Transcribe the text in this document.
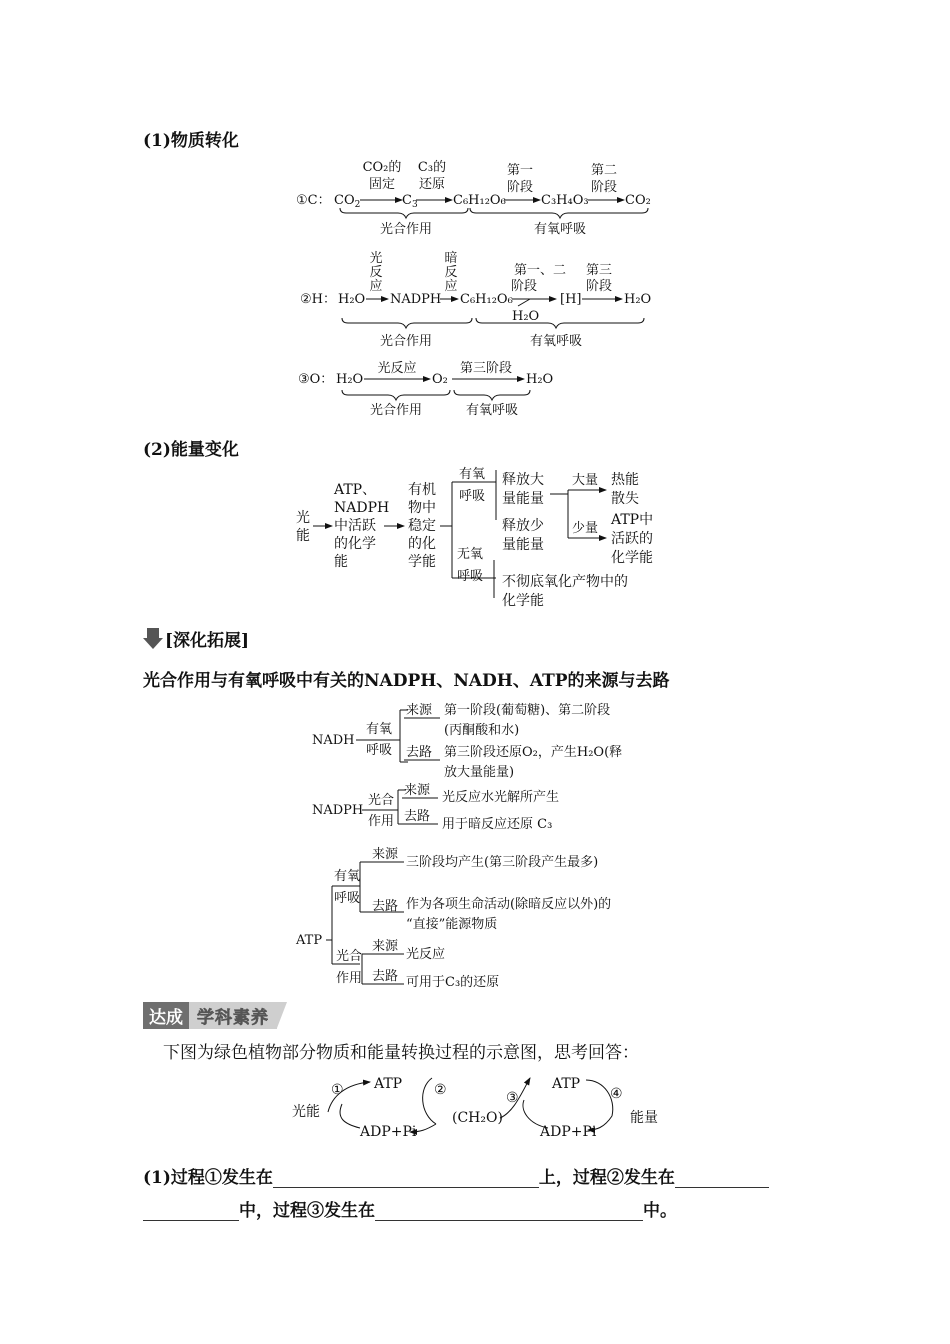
(1)物质转化
①C： $CO_2$
CO₂的
固定
$C_3$
C₃的
还原
C₆H₁₂O₆
第一
阶段
C₃H₄O₃
第二
阶段
CO₂
光合作用	有氧呼吸
②H： H₂O
光
反
应
NADPH
暗
反
应
C₆H₁₂O₆
第一、二
阶段
H₂O
[H]
第三
阶段
H₂O
光合作用	有氧呼吸
③O： H₂O
光反应
O₂
第三阶段
H₂O
光合作用	有氧呼吸
(2)能量变化
光
能
ATP、
NADPH
中活跃
的化学
能
有机
物中
稳定
的化
学能
有氧
呼吸
无氧
呼吸
释放大
量能量
释放少
量能量
不彻底氧化产物中的
化学能
大量
少量
热能
散失
ATP中
活跃的
化学能
[深化拓展]
光合作用与有氧呼吸中有关的NADPH、NADH、ATP的来源与去路
NADH
有氧
呼吸
来源 第一阶段(葡萄糖)、第二阶段
(丙酮酸和水)
去路 第三阶段还原O₂，产生H₂O(释
放大量能量)
NADPH
光合
作用
来源 光反应水光解所产生
去路
用于暗反应还原 C₃
ATP
有氧
呼吸
来源
三阶段均产生(第三阶段产生最多)
去路 作为各项生命活动(除暗反应以外)的
“直接”能源物质
光合
作用
来源
光反应
去路 可用于C₃的还原
达成 学科素养
下图为绿色植物部分物质和能量转换过程的示意图，思考回答：
光能
① ATP
ADP+Pi
②
(CH₂O)
③
ATP
ADP+Pi
④
能量
(1)过程①发生在	上，过程②发生在
中，过程③发生在	中。
